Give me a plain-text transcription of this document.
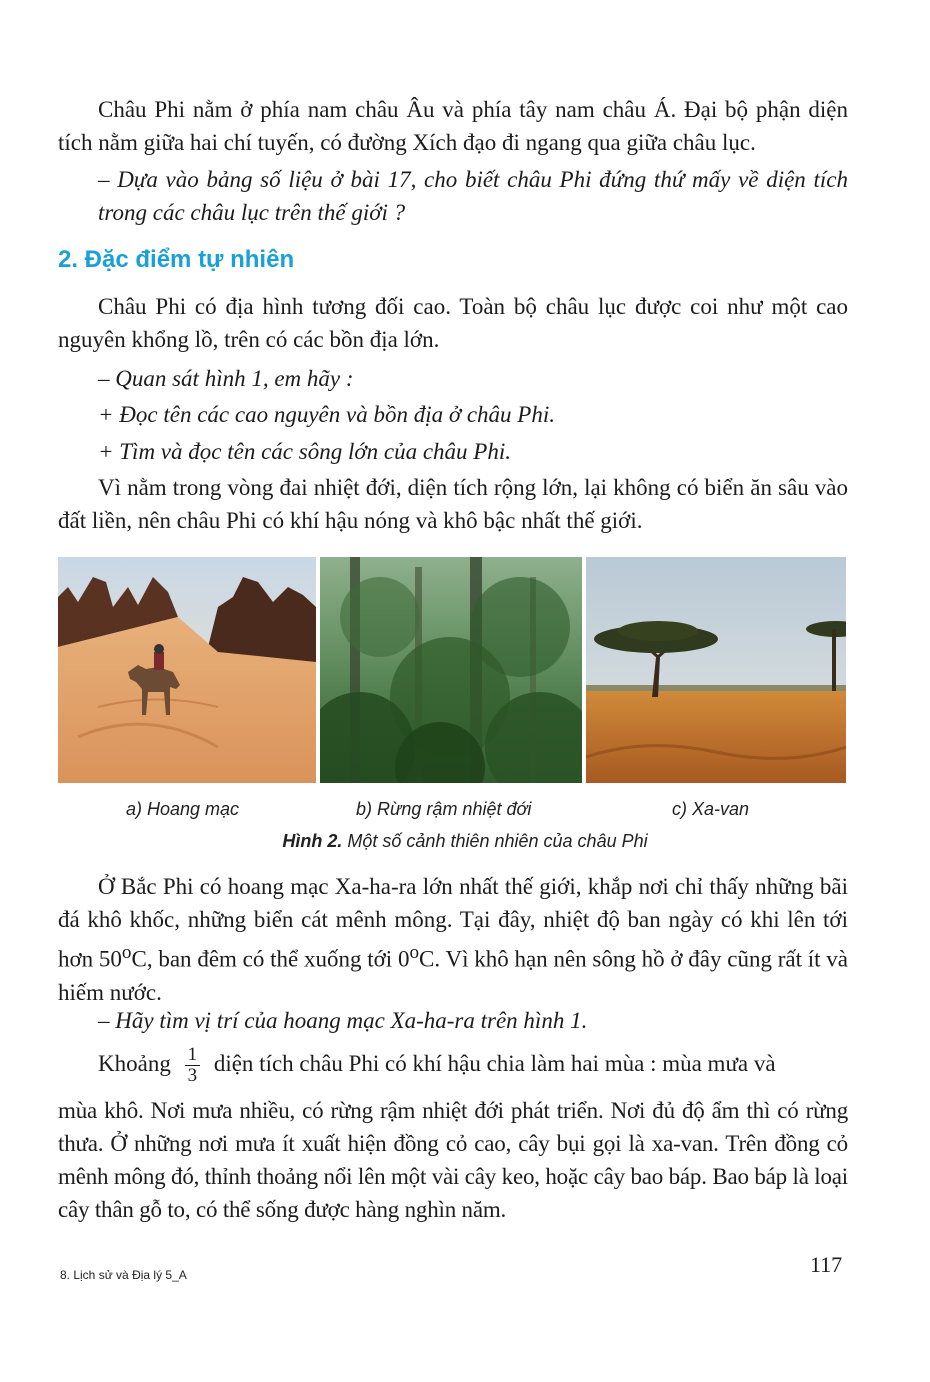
Châu Phi nằm ở phía nam châu Âu và phía tây nam châu Á. Đại bộ phận diện tích nằm giữa hai chí tuyến, có đường Xích đạo đi ngang qua giữa châu lục.

– Dựa vào bảng số liệu ở bài 17, cho biết châu Phi đứng thứ mấy về diện tích trong các châu lục trên thế giới ?

2. Đặc điểm tự nhiên

Châu Phi có địa hình tương đối cao. Toàn bộ châu lục được coi như một cao nguyên khổng lồ, trên có các bồn địa lớn.

– Quan sát hình 1, em hãy :

+ Đọc tên các cao nguyên và bồn địa ở châu Phi.

+ Tìm và đọc tên các sông lớn của châu Phi.

Vì nằm trong vòng đai nhiệt đới, diện tích rộng lớn, lại không có biển ăn sâu vào đất liền, nên châu Phi có khí hậu nóng và khô bậc nhất thế giới.

a) Hoang mạc	b) Rừng rậm nhiệt đới	c) Xa-van
Hình 2. Một số cảnh thiên nhiên của châu Phi

Ở Bắc Phi có hoang mạc Xa-ha-ra lớn nhất thế giới, khắp nơi chỉ thấy những bãi đá khô khốc, những biển cát mênh mông. Tại đây, nhiệt độ ban ngày có khi lên tới hơn 50$^o$C, ban đêm có thể xuống tới 0$^o$C. Vì khô hạn nên sông hồ ở đây cũng rất ít và hiếm nước.

– Hãy tìm vị trí của hoang mạc Xa-ha-ra trên hình 1.

Khoảng $\frac{1}{3}$ diện tích châu Phi có khí hậu chia làm hai mùa : mùa mưa và

mùa khô. Nơi mưa nhiều, có rừng rậm nhiệt đới phát triển. Nơi đủ độ ẩm thì có rừng thưa. Ở những nơi mưa ít xuất hiện đồng cỏ cao, cây bụi gọi là xa-van. Trên đồng cỏ mênh mông đó, thỉnh thoảng nổi lên một vài cây keo, hoặc cây bao báp. Bao báp là loại cây thân gỗ to, có thể sống được hàng nghìn năm.

8. Lịch sử và Địa lý 5_A	117
